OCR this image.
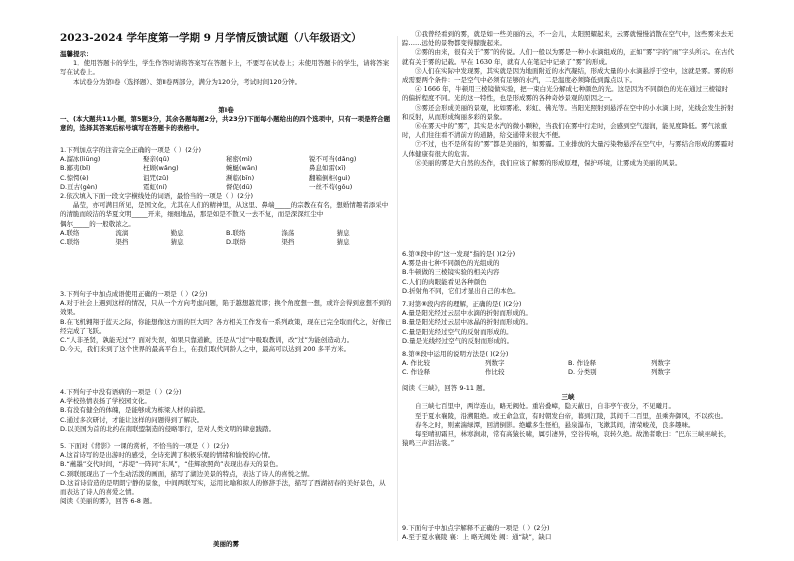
2023-2024 学年度第一学期 9 月学情反馈试题（八年级语文）
温馨提示：
1．使用答题卡的学生，学生作答时请将答案写在答题卡上，不要写在试卷上；未使用答题卡的学生，请将答案写在试卷上。
本试卷分为第Ⅰ卷（选择题）、第Ⅱ卷两部分，满分为120分，考试时间120分钟。
第Ⅰ卷
一、(本大题共11小题，第5题3分，其余各题每题2分，共23分)下面每小题给出的四个选项中，只有一项是符合题意的，选择其答案后标号填写在答题卡的表格中。
1.下列加点字的注音完全正确的一项是（ ）(2分)
A.溜冰(liūng)	娶亲(qǔ)	秘密(mì)	锐不可当(dǎng)
B.鄙夷(bǐ)	枉顾(wǎng)	蜿蜒(wān)	鼻息如雷(xī)
C.惊愕(è)	诅咒(zǔ)	濒临(bīn)	翻箱倒柜(guì)
D.亘古(gèn)	霓虹(ní)	督促(dū)	一丝不苟(gǒu)
2.依次填入下面一段文字横线处的词语，最恰当的一项是（ ）(2分)
晶莹，亦可满目所见，是国文化，尤其在人们的精神里，从这里、鼻端_____的宗教在有名，想婚情趣者添采中的清脆而皎洁的华夏文明_____开来，细细地品，那是如是不散又一去不复，而是深深红尘中
偶尔_____的一般敬浓之。
A.联络	流漓	勤息	B.联络	涤荡	猜息
C.联络	渠挡	猜息	D.联络	渠挡	猜息
3.下列句子中加点成语使用正确的一项是（ ）(2分)
A.对于社会上遇到这样的情况，只从一个方向考虑问题，陷于越想越荒谬；换个角度想一想，或许会得到意想不到的效果。
B.在飞机翱翔于蓝天之际，你能想像这方面的巨大吗？各方相关工作发布一系列政策，现在已完全取而代之，好像已经完成了飞跃。
C.“人非圣贤，孰能无过”？面对失误，如果只靠道歉，还是从“过”中吸取教训，改“过”为能创造动力。
D.今天，我们来到了这个世界的最高平台上，在我们取代同龄人之中，最高可以达到 200 多平方米。
4.下列句子中没有语病的一项是（ ）(2分)
A.学校热情表扬了学校园文化。
B.有没有健全的体魄，是能够成为栋梁人材的前提。
C.通过多次研讨，才能让这样的问题得到了解决。
D.以美国为首的北约在南联盟制造的侵略罪行，是对人类文明的肆意践踏。
5. 下面对《背影》一课的赏析，不恰当的一项是（ ）(2分)
A.这首诗写的是出游时的感受，全诗充满了积极乐观的情绪和愉悦的心情。
B.“蘸墨”交代时间，“苏堤”一阵同“东风”，“佳辉欲照尚”表现出春天的景色。
C.颈联展现出了一个生动活泼的画面，描写了湖边美景的特点，表达了诗人的喜悦之情。
D.这首诗营造的是明朗宁静的景象，中间两联写实，运用比喻和拟人的修辞手法，描写了西湖初春的美好景色，从而表达了诗人的喜爱之情。
阅读《美丽的雾》，回答 6-8 题。
美丽的雾
①我曾经看到的雾，就是如一些美丽的云，不一会儿，太阳照耀起来，云雾就慢慢消散在空气中，这些雾来去无踪……远处的景物都变得朦胧起来。
②雾的由来，很有关于“雾”的传说。人们一般以为雾是一种小水滴组成的，正如“雾”字的“雨”字头所示。在古代就有关于雾的记载。早在 1630 年，就有人在笔记中记录了“雾”的形成。
③人们在实际中发现雾，其实就是因为地面附近的水汽凝结，形成大量的小水滴悬浮于空中，这就是雾。雾的形成需要两个条件：一是空气中必须有足够的水汽，二是温度必须降低到露点以下。
④ 1666 年，牛顿用三棱镜做实验，把一束白光分解成七种颜色的光。这是因为不同颜色的光在通过三棱镜时的偏折程度不同。光的这一特性，也是形成雾的各种奇妙景观的原因之一。
⑤雾还会形成美丽的景观，比如雾凇、彩虹、佛光等。当阳光照射到悬浮在空中的小水滴上时，光线会发生折射和反射，从而形成绚丽多彩的景象。
⑥在雾天中的“雾”，其实是水汽的微小颗粒，当我们在雾中行走时，会感到空气湿润，能见度降低。雾气浓重时，人们往往看不清前方的道路，给交通带来很大不便。
⑦不过，也不是所有的“雾”都是美丽的，如雾霾。工业排放的大量污染物悬浮在空气中，与雾结合形成的雾霾对人体健康有很大的危害。
⑧美丽的雾是大自然的杰作，我们应该了解雾的形成原理，保护环境，让雾成为美丽的风景。
6.第③段中的“这一发现”指的是( )(2分)
A.雾是由七种不同颜色的光组成的
B.牛顿做的三棱镜实验的相关内容
C.人们的肉眼能看见各种颜色
D.折射角不同，它们才显出自己的本色。
7.对第⑧段内容的理解，正确的是( )(2分)
A.量是阳光经过云层中水滴的折射而形成的。
B.量是阳光经过云层中冰晶的折射而形成的。
C.量是阳光经过空气的反射而形成的。
D.量是光线经过空气的反射而形成的。
8.第⑨段中运用的说明方法是( )(2分)
A. 作比较	列数字	B. 作诠释	列数字
C. 作诠释	作比较	D. 分类别	列数字
阅读《三峡》，回答 9-11 题。
三峡
自三峡七百里中，两岸连山，略无阙处。重岩叠嶂，隐天蔽日，自非亭午夜分，不见曦月。
至于夏水襄陵，沿溯阻绝。或王命急宣，有时朝发白帝，暮到江陵，其间千二百里，虽乘奔御风，不以疾也。
春冬之时，则素湍绿潭，回清倒影。绝巘多生怪柏，悬泉瀑布，飞漱其间，清荣峻茂，良多趣味。
每至晴初霜旦，林寒涧肃，常有高猿长啸，属引凄异，空谷传响，哀转久绝。故渔者歌曰：“巴东三峡巫峡长，猿鸣三声泪沾裳。”
9.下面句子中加点字解释不正确的一项是（ ）(2分)
A.至于夏水襄陵 襄：上 略无阙处 阙：通“缺”，缺口
